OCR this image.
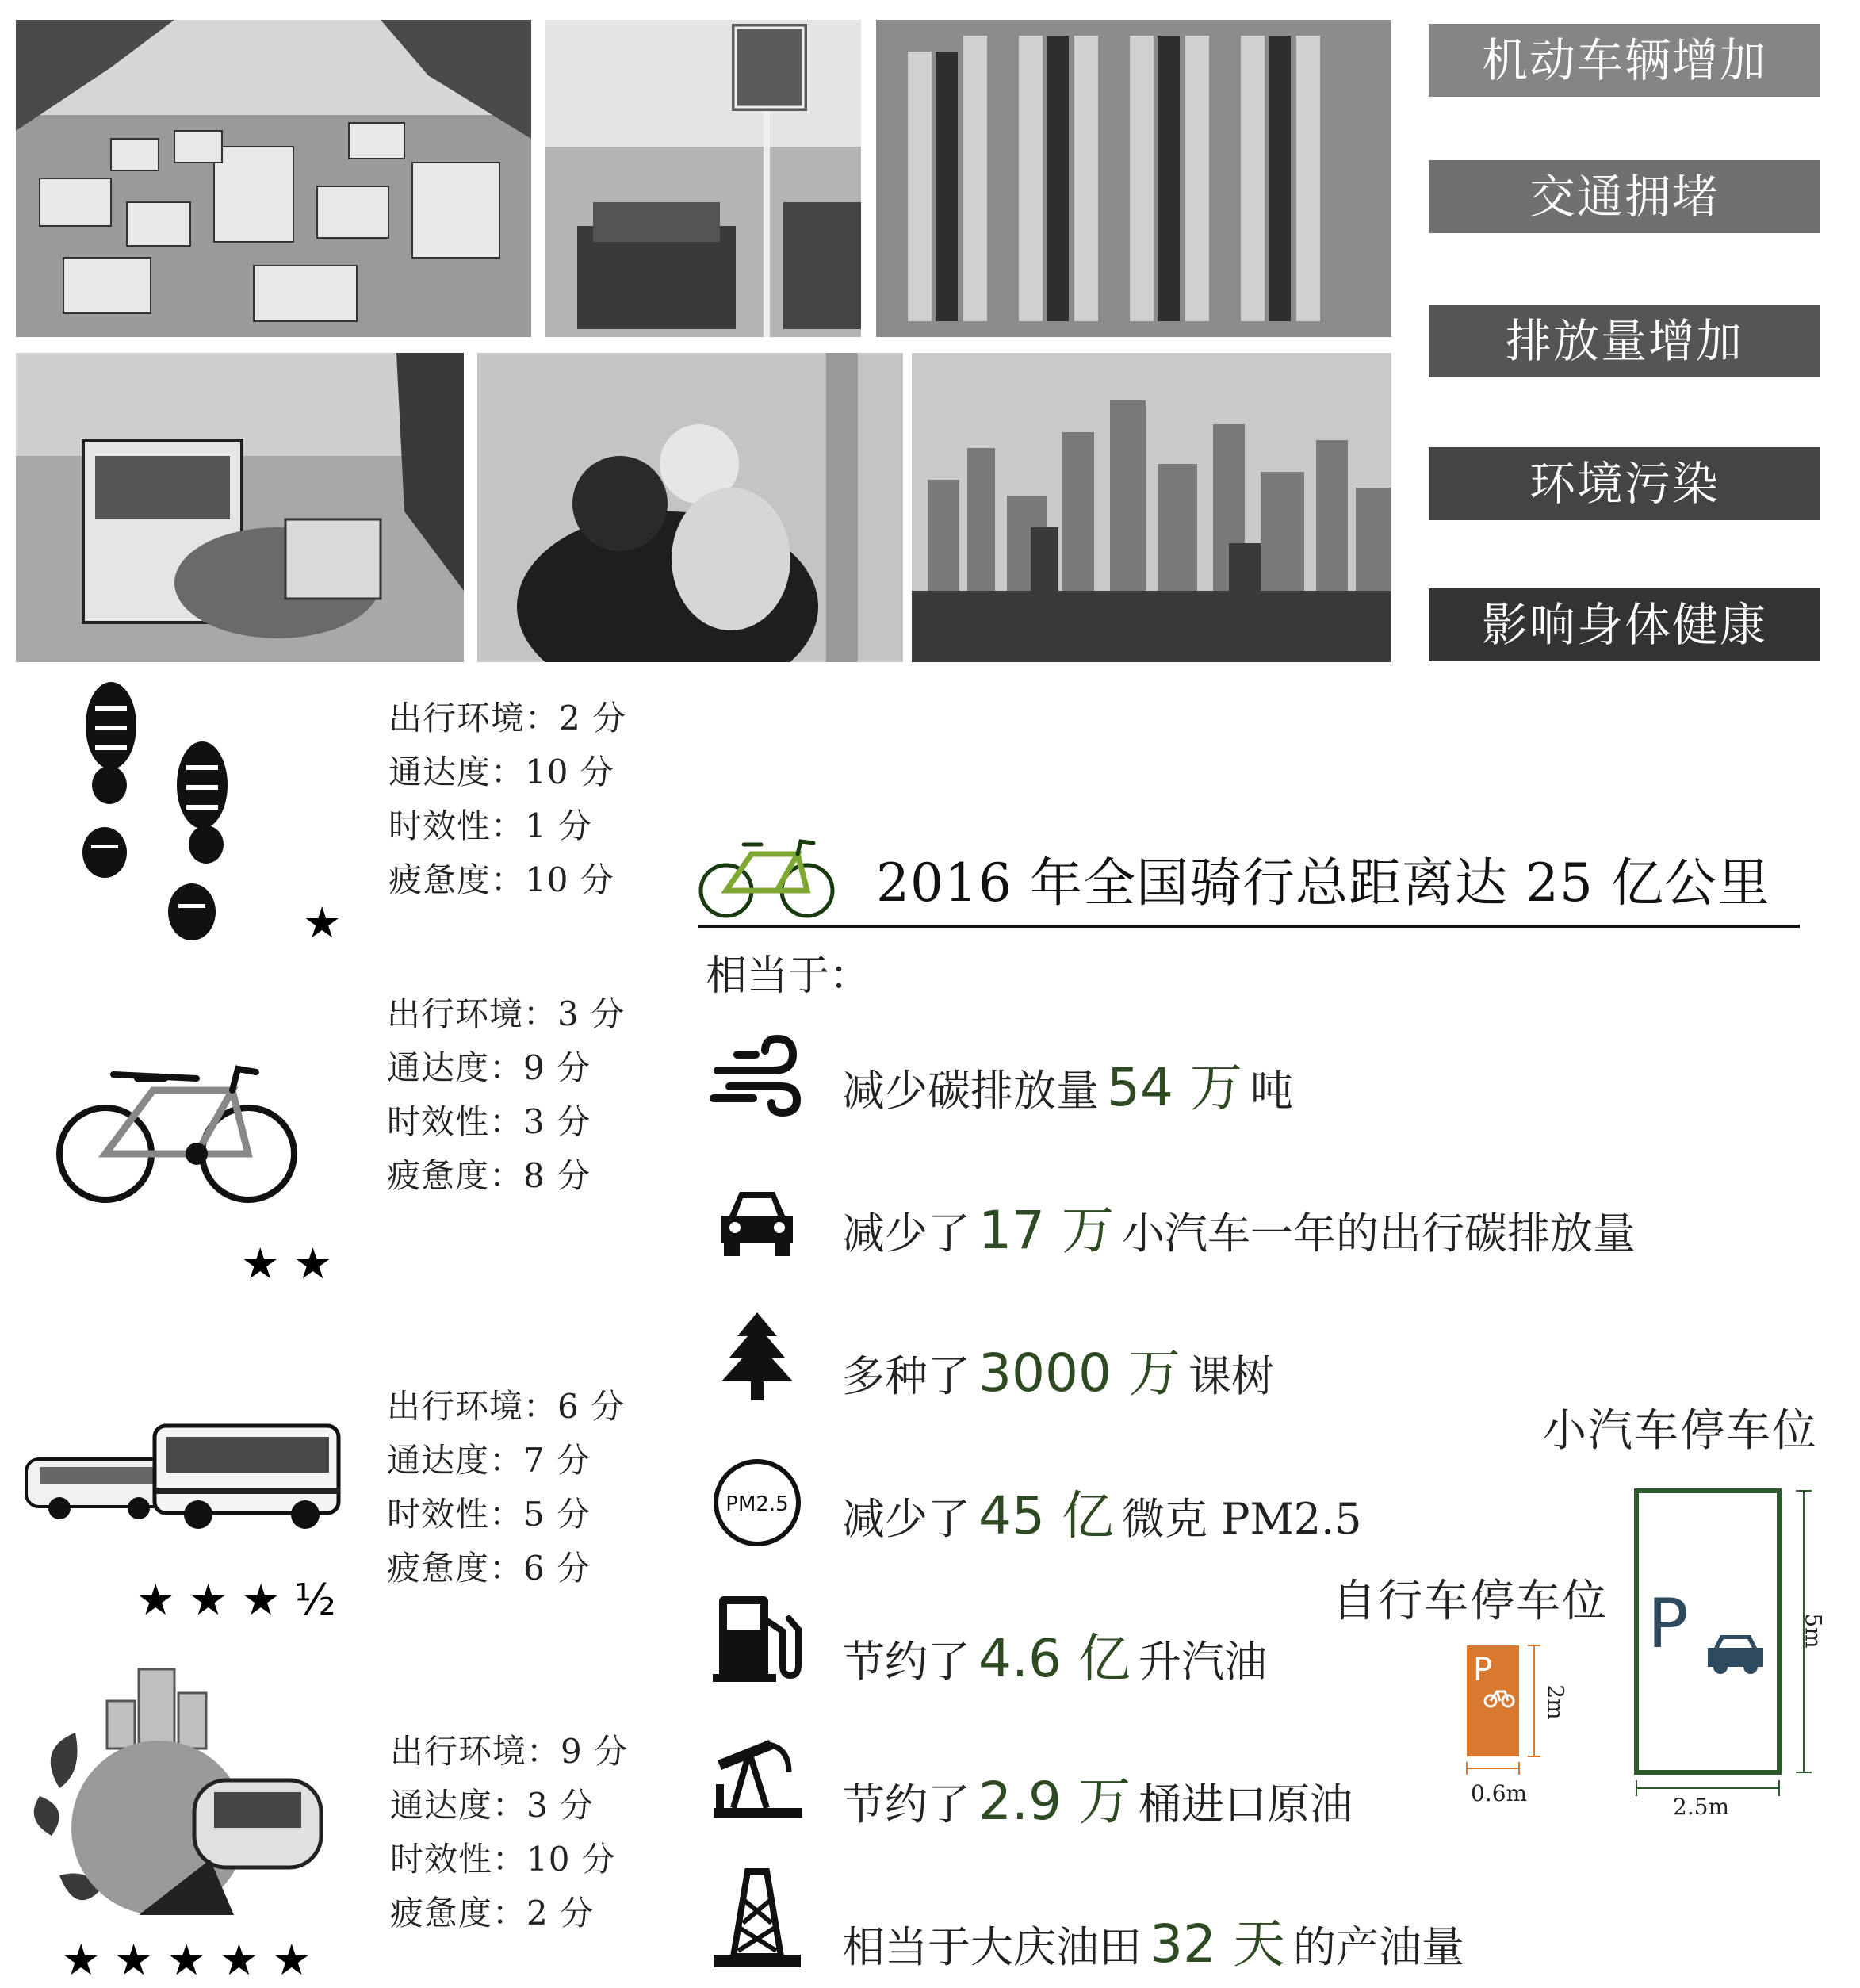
机动车辆增加
交通拥堵
排放量增加
环境污染
影响身体健康
出行环境：2 分
通达度：10 分
时效性：1 分
疲惫度：10 分
★
出行环境：3 分
通达度：9 分
时效性：3 分
疲惫度：8 分
★★
出行环境：6 分
通达度：7 分
时效性：5 分
疲惫度：6 分
★★★½
出行环境：9 分
通达度：3 分
时效性：10 分
疲惫度：2 分
★★★★★
2016 年全国骑行总距离达 25 亿公里
相当于：
减少碳排放量 54 万 吨
减少了 17 万 小汽车一年的出行碳排放量
多种了 3000 万 课树
PM2.5 减少了 45 亿 微克 PM2.5
节约了 4.6 亿 升汽油
节约了 2.9 万 桶进口原油
相当于大庆油田 32 天 的产油量
小汽车停车位
自行车停车位 P	5m
2.5m
P
2m
0.6m
